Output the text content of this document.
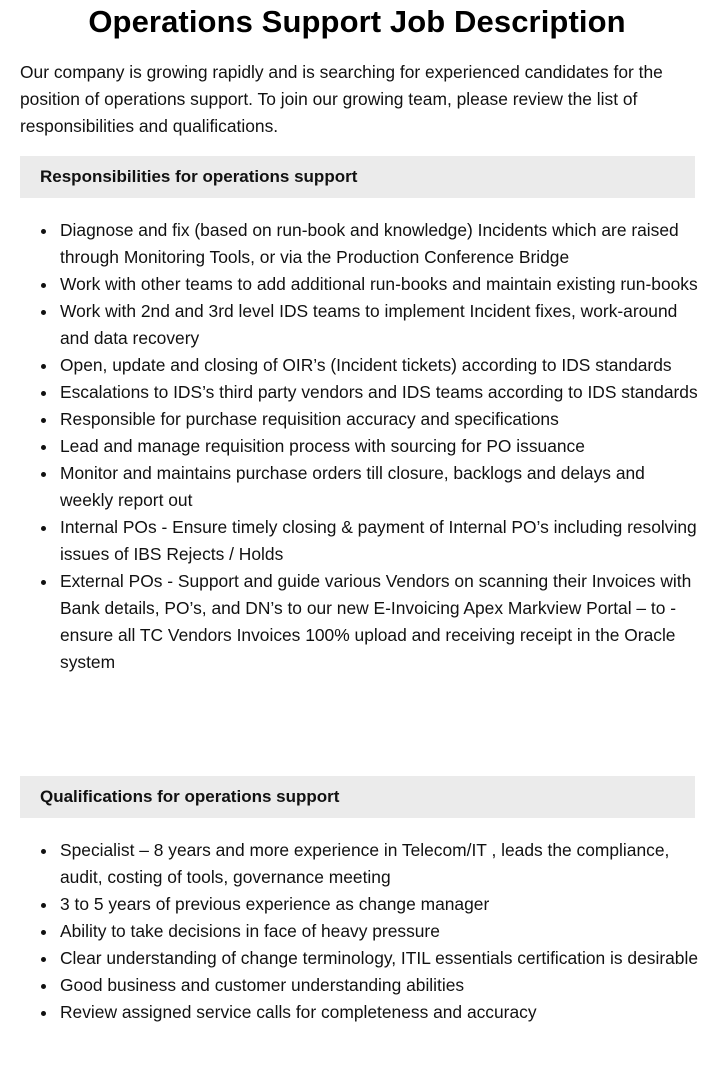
Operations Support Job Description

Our company is growing rapidly and is searching for experienced candidates for the position of operations support. To join our growing team, please review the list of responsibilities and qualifications.

Responsibilities for operations support
Diagnose and fix (based on run-book and knowledge) Incidents which are raised through Monitoring Tools, or via the Production Conference Bridge
Work with other teams to add additional run-books and maintain existing run-books
Work with 2nd and 3rd level IDS teams to implement Incident fixes, work-around and data recovery
Open, update and closing of OIR’s (Incident tickets) according to IDS standards
Escalations to IDS’s third party vendors and IDS teams according to IDS standards
Responsible for purchase requisition accuracy and specifications
Lead and manage requisition process with sourcing for PO issuance
Monitor and maintains purchase orders till closure, backlogs and delays and weekly report out
Internal POs - Ensure timely closing & payment of Internal PO’s including resolving issues of IBS Rejects / Holds
External POs - Support and guide various Vendors on scanning their Invoices with Bank details, PO’s, and DN’s to our new E-Invoicing Apex Markview Portal – to - ensure all TC Vendors Invoices 100% upload and receiving receipt in the Oracle system
Qualifications for operations support
Specialist – 8 years and more experience in Telecom/IT , leads the compliance, audit, costing of tools, governance meeting
3 to 5 years of previous experience as change manager
Ability to take decisions in face of heavy pressure
Clear understanding of change terminology, ITIL essentials certification is desirable
Good business and customer understanding abilities
Review assigned service calls for completeness and accuracy
